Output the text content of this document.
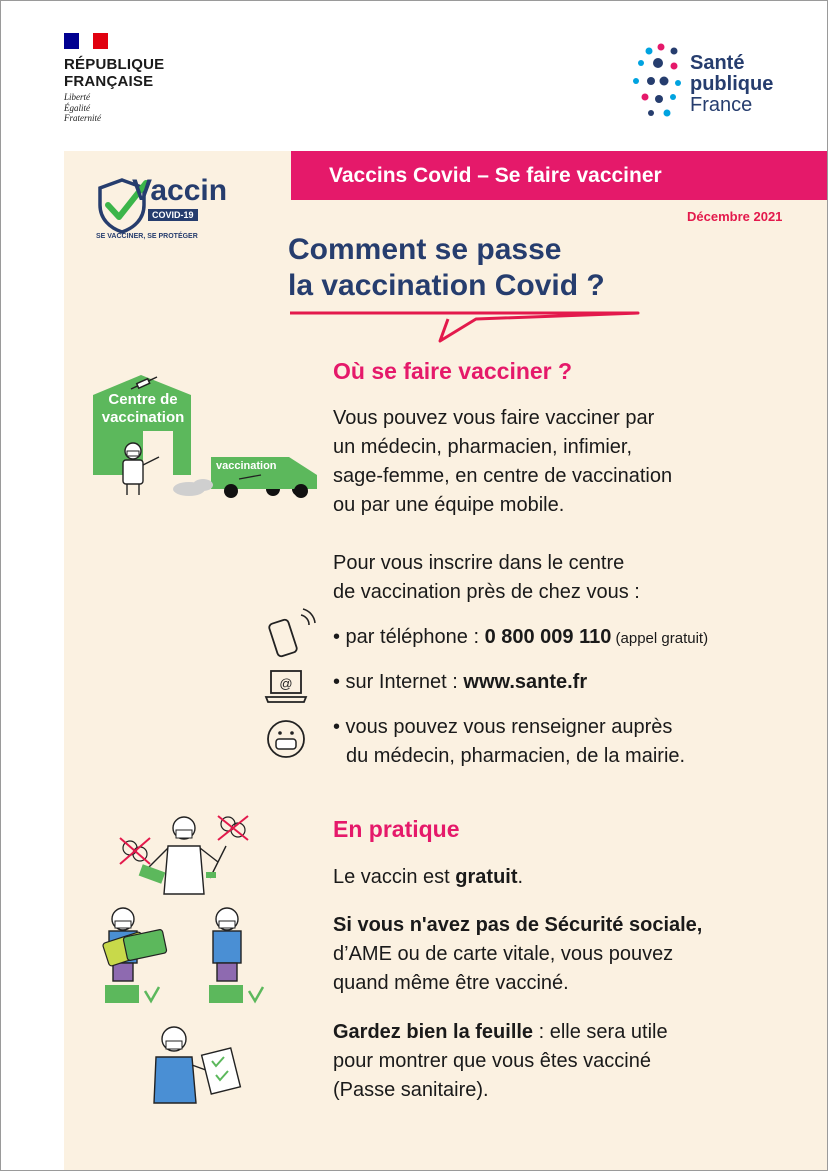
RÉPUBLIQUE
FRANÇAISE
Liberté
Égalité
Fraternité
Santé
publique
France
Vaccins Covid – Se faire vacciner
Décembre 2021
Vaccin
COVID-19
SE VACCINER, SE PROTÉGER	Comment se passe
la vaccination Covid ?
Centre de
vaccination
vaccination
Où se faire vacciner ?
Vous pouvez vous faire vacciner par
un médecin, pharmacien, infimier,
sage-femme, en centre de vaccination
ou par une équipe mobile.
Pour vous inscrire dans le centre
de vaccination près de chez vous :
• par téléphone : 0 800 009 110 (appel gratuit)
@ • sur Internet : www.sante.fr
• vous pouvez vous renseigner auprès
du médecin, pharmacien, de la mairie.
En pratique
Le vaccin est gratuit.
Si vous n'avez pas de Sécurité sociale,
d’AME ou de carte vitale, vous pouvez
quand même être vacciné.
Gardez bien la feuille : elle sera utile
pour montrer que vous êtes vacciné
(Passe sanitaire).
